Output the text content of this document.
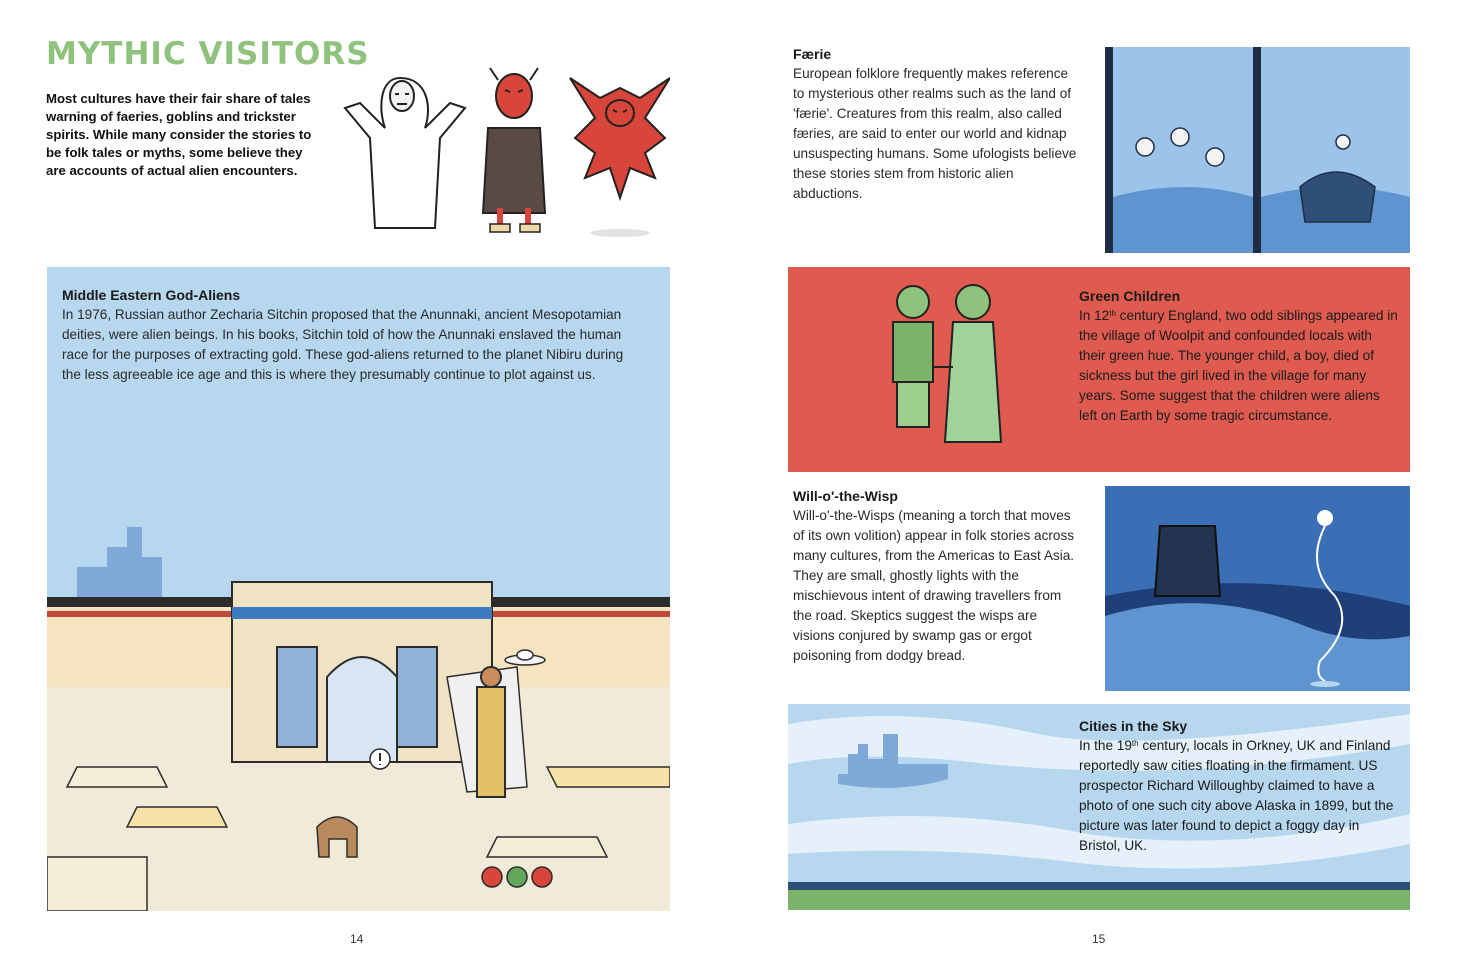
MYTHIC VISITORS
Most cultures have their fair share of tales warning of faeries, goblins and trickster spirits. While many consider the stories to be folk tales or myths, some believe they are accounts of actual alien encounters.
Middle Eastern God-Aliens
In 1976, Russian author Zecharia Sitchin proposed that the Anunnaki, ancient Mesopotamian deities, were alien beings. In his books, Sitchin told of how the Anunnaki enslaved the human race for the purposes of extracting gold. These god-aliens returned to the planet Nibiru during the less agreeable ice age and this is where they presumably continue to plot against us.
14
Færie
European folklore frequently makes reference to mysterious other realms such as the land of 'færie'. Creatures from this realm, also called færies, are said to enter our world and kidnap unsuspecting humans. Some ufologists believe these stories stem from historic alien abductions.
Green Children
In 12th century England, two odd siblings appeared in the village of Woolpit and confounded locals with their green hue. The younger child, a boy, died of sickness but the girl lived in the village for many years. Some suggest that the children were aliens left on Earth by some tragic circumstance.
Will-o'-the-Wisp
Will-o'-the-Wisps (meaning a torch that moves of its own volition) appear in folk stories across many cultures, from the Americas to East Asia. They are small, ghostly lights with the mischievous intent of drawing travellers from the road. Skeptics suggest the wisps are visions conjured by swamp gas or ergot poisoning from dodgy bread.
Cities in the Sky
In the 19th century, locals in Orkney, UK and Finland reportedly saw cities floating in the firmament. US prospector Richard Willoughby claimed to have a photo of one such city above Alaska in 1899, but the picture was later found to depict a foggy day in Bristol, UK.
15
